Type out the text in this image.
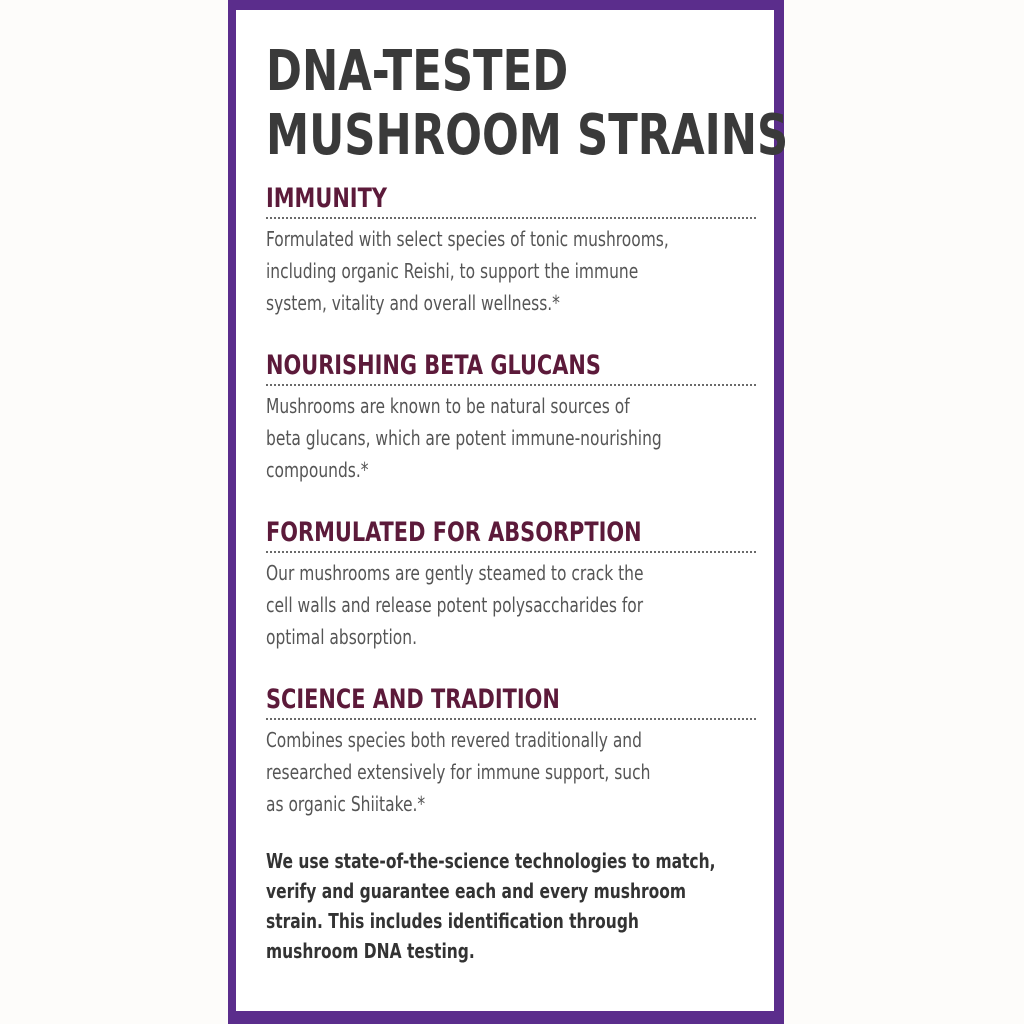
DNA-TESTED
MUSHROOM STRAINS
IMMUNITY

Formulated with select species of tonic mushrooms,
including organic Reishi, to support the immune
system, vitality and overall wellness.*

NOURISHING BETA GLUCANS

Mushrooms are known to be natural sources of
beta glucans, which are potent immune-nourishing
compounds.*

FORMULATED FOR ABSORPTION

Our mushrooms are gently steamed to crack the
cell walls and release potent polysaccharides for
optimal absorption.

SCIENCE AND TRADITION

Combines species both revered traditionally and
researched extensively for immune support, such
as organic Shiitake.*

We use state-of-the-science technologies to match,
verify and guarantee each and every mushroom
strain. This includes identification through
mushroom DNA testing.
